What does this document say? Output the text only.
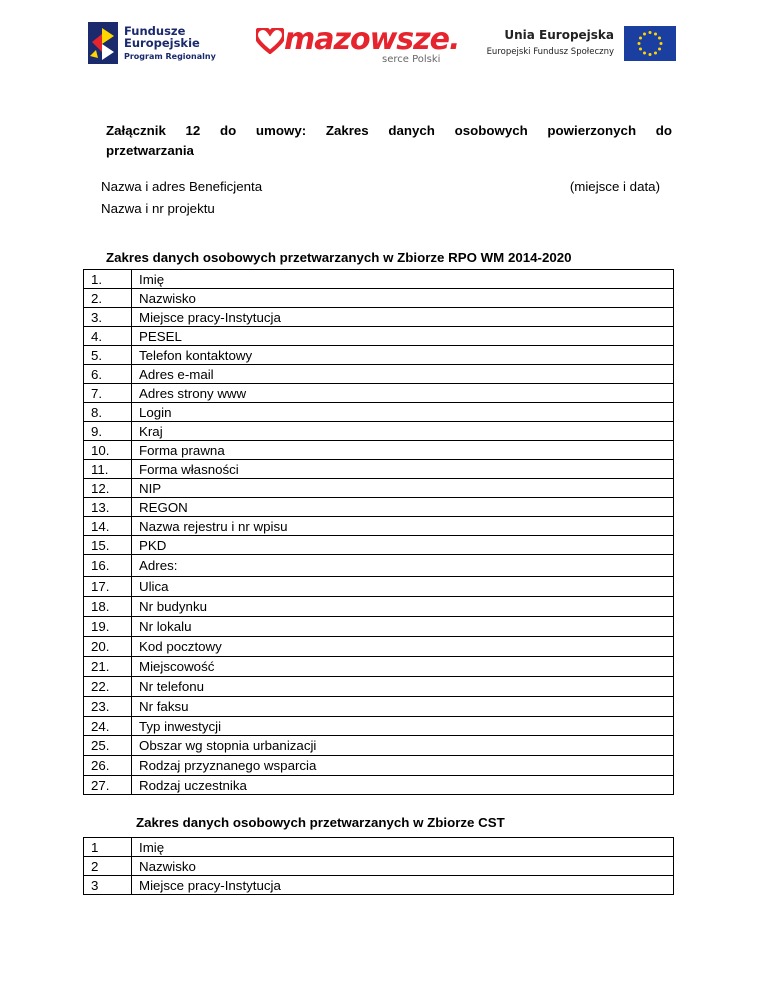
Fundusze
Europejskie
Program Regionalny mazowsze.
serce Polski
Unia Europejska
Europejski Fundusz Społeczny
Załącznik 12 do umowy: Zakres danych osobowych powierzonych do
przetwarzania
Nazwa i adres Beneficjenta	(miejsce i data)
Nazwa i nr projektu
Zakres danych osobowych przetwarzanych w Zbiorze RPO WM 2014-2020
1.	Imię
2.	Nazwisko
3.	Miejsce pracy-Instytucja
4.	PESEL
5.	Telefon kontaktowy
6.	Adres e-mail
7.	Adres strony www
8.	Login
9.	Kraj
10.	Forma prawna
11.	Forma własności
12.	NIP
13.	REGON
14.	Nazwa rejestru i nr wpisu
15.	PKD
16.	Adres:
17.	Ulica
18.	Nr budynku
19.	Nr lokalu
20.	Kod pocztowy
21.	Miejscowość
22.	Nr telefonu
23.	Nr faksu
24.	Typ inwestycji
25.	Obszar wg stopnia urbanizacji
26.	Rodzaj przyznanego wsparcia
27.	Rodzaj uczestnika
Zakres danych osobowych przetwarzanych w Zbiorze CST
1	Imię
2	Nazwisko
3	Miejsce pracy-Instytucja
